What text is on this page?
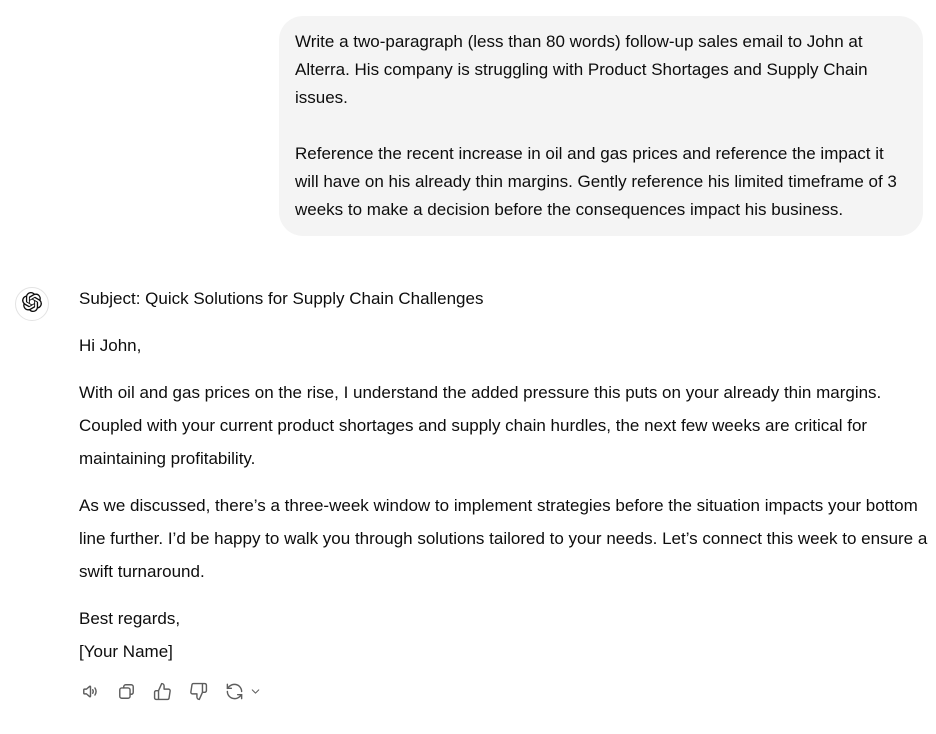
Write a two-paragraph (less than 80 words) follow-up sales email to John at Alterra. His company is struggling with Product Shortages and Supply Chain issues.

Reference the recent increase in oil and gas prices and reference the impact it will have on his already thin margins. Gently reference his limited timeframe of 3 weeks to make a decision before the consequences impact his business.

Subject: Quick Solutions for Supply Chain Challenges

Hi John,

With oil and gas prices on the rise, I understand the added pressure this puts on your already thin margins. Coupled with your current product shortages and supply chain hurdles, the next few weeks are critical for maintaining profitability.

As we discussed, there’s a three-week window to implement strategies before the situation impacts your bottom line further. I’d be happy to walk you through solutions tailored to your needs. Let’s connect this week to ensure a swift turnaround.

Best regards,

[Your Name]
